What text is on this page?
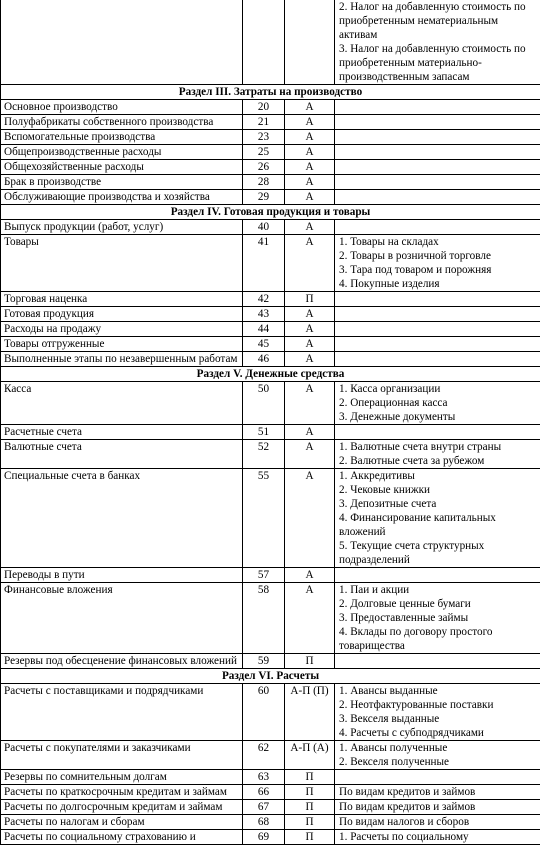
			2. Налог на добавленную стоимость по приобретенным нематериальным активам
3. Налог на добавленную стоимость по приобретенным материально-производственным запасам

Раздел III. Затраты на производство			
Основное производство	20	А	
Полуфабрикаты собственного производства	21	А	
Вспомогательные производства	23	А	
Общепроизводственные расходы	25	А	
Общехозяйственные расходы	26	А	
Брак в производстве	28	А	
Обслуживающие производства и хозяйства	29	А	
Раздел IV. Готовая продукция и товары			
Выпуск продукции (работ, услуг)	40	А	
Товары	41	А	1. Товары на складах
2. Товары в розничной торговле
3. Тара под товаром и порожняя
4. Покупные изделия

Торговая наценка	42	П	
Готовая продукция	43	А	
Расходы на продажу	44	А	
Товары отгруженные	45	А	
Выполненные этапы по незавершенным работам	46	А	
Раздел V. Денежные средства			
Касса	50	А	1. Касса организации
2. Операционная касса
3. Денежные документы

Расчетные счета	51	А	
Валютные счета	52	А	1. Валютные счета внутри страны
2. Валютные счета за рубежом

Специальные счета в банках	55	А	1. Аккредитивы
2. Чековые книжки
3. Депозитные счета
4. Финансирование капитальных вложений
5. Текущие счета структурных подразделений

Переводы в пути	57	А	
Финансовые вложения	58	А	1. Паи и акции
2. Долговые ценные бумаги
3. Предоставленные займы
4. Вклады по договору простого товарищества

Резервы под обесценение финансовых вложений	59	П	
Раздел VI. Расчеты			
Расчеты с поставщиками и подрядчиками	60	А-П (П)	1. Авансы выданные
2. Неотфактурованные поставки
3. Векселя выданные
4. Расчеты с субподрядчиками

Расчеты с покупателями и заказчиками	62	А-П (А)	1. Авансы полученные
2. Векселя полученные

Резервы по сомнительным долгам	63	П	
Расчеты по краткосрочным кредитам и займам	66	П	По видам кредитов и займов

Расчеты по долгосрочным кредитам и займам	67	П	По видам кредитов и займов

Расчеты по налогам и сборам	68	П	По видам налогов и сборов

Расчеты по социальному страхованию и	69	П	1. Расчеты по социальному
